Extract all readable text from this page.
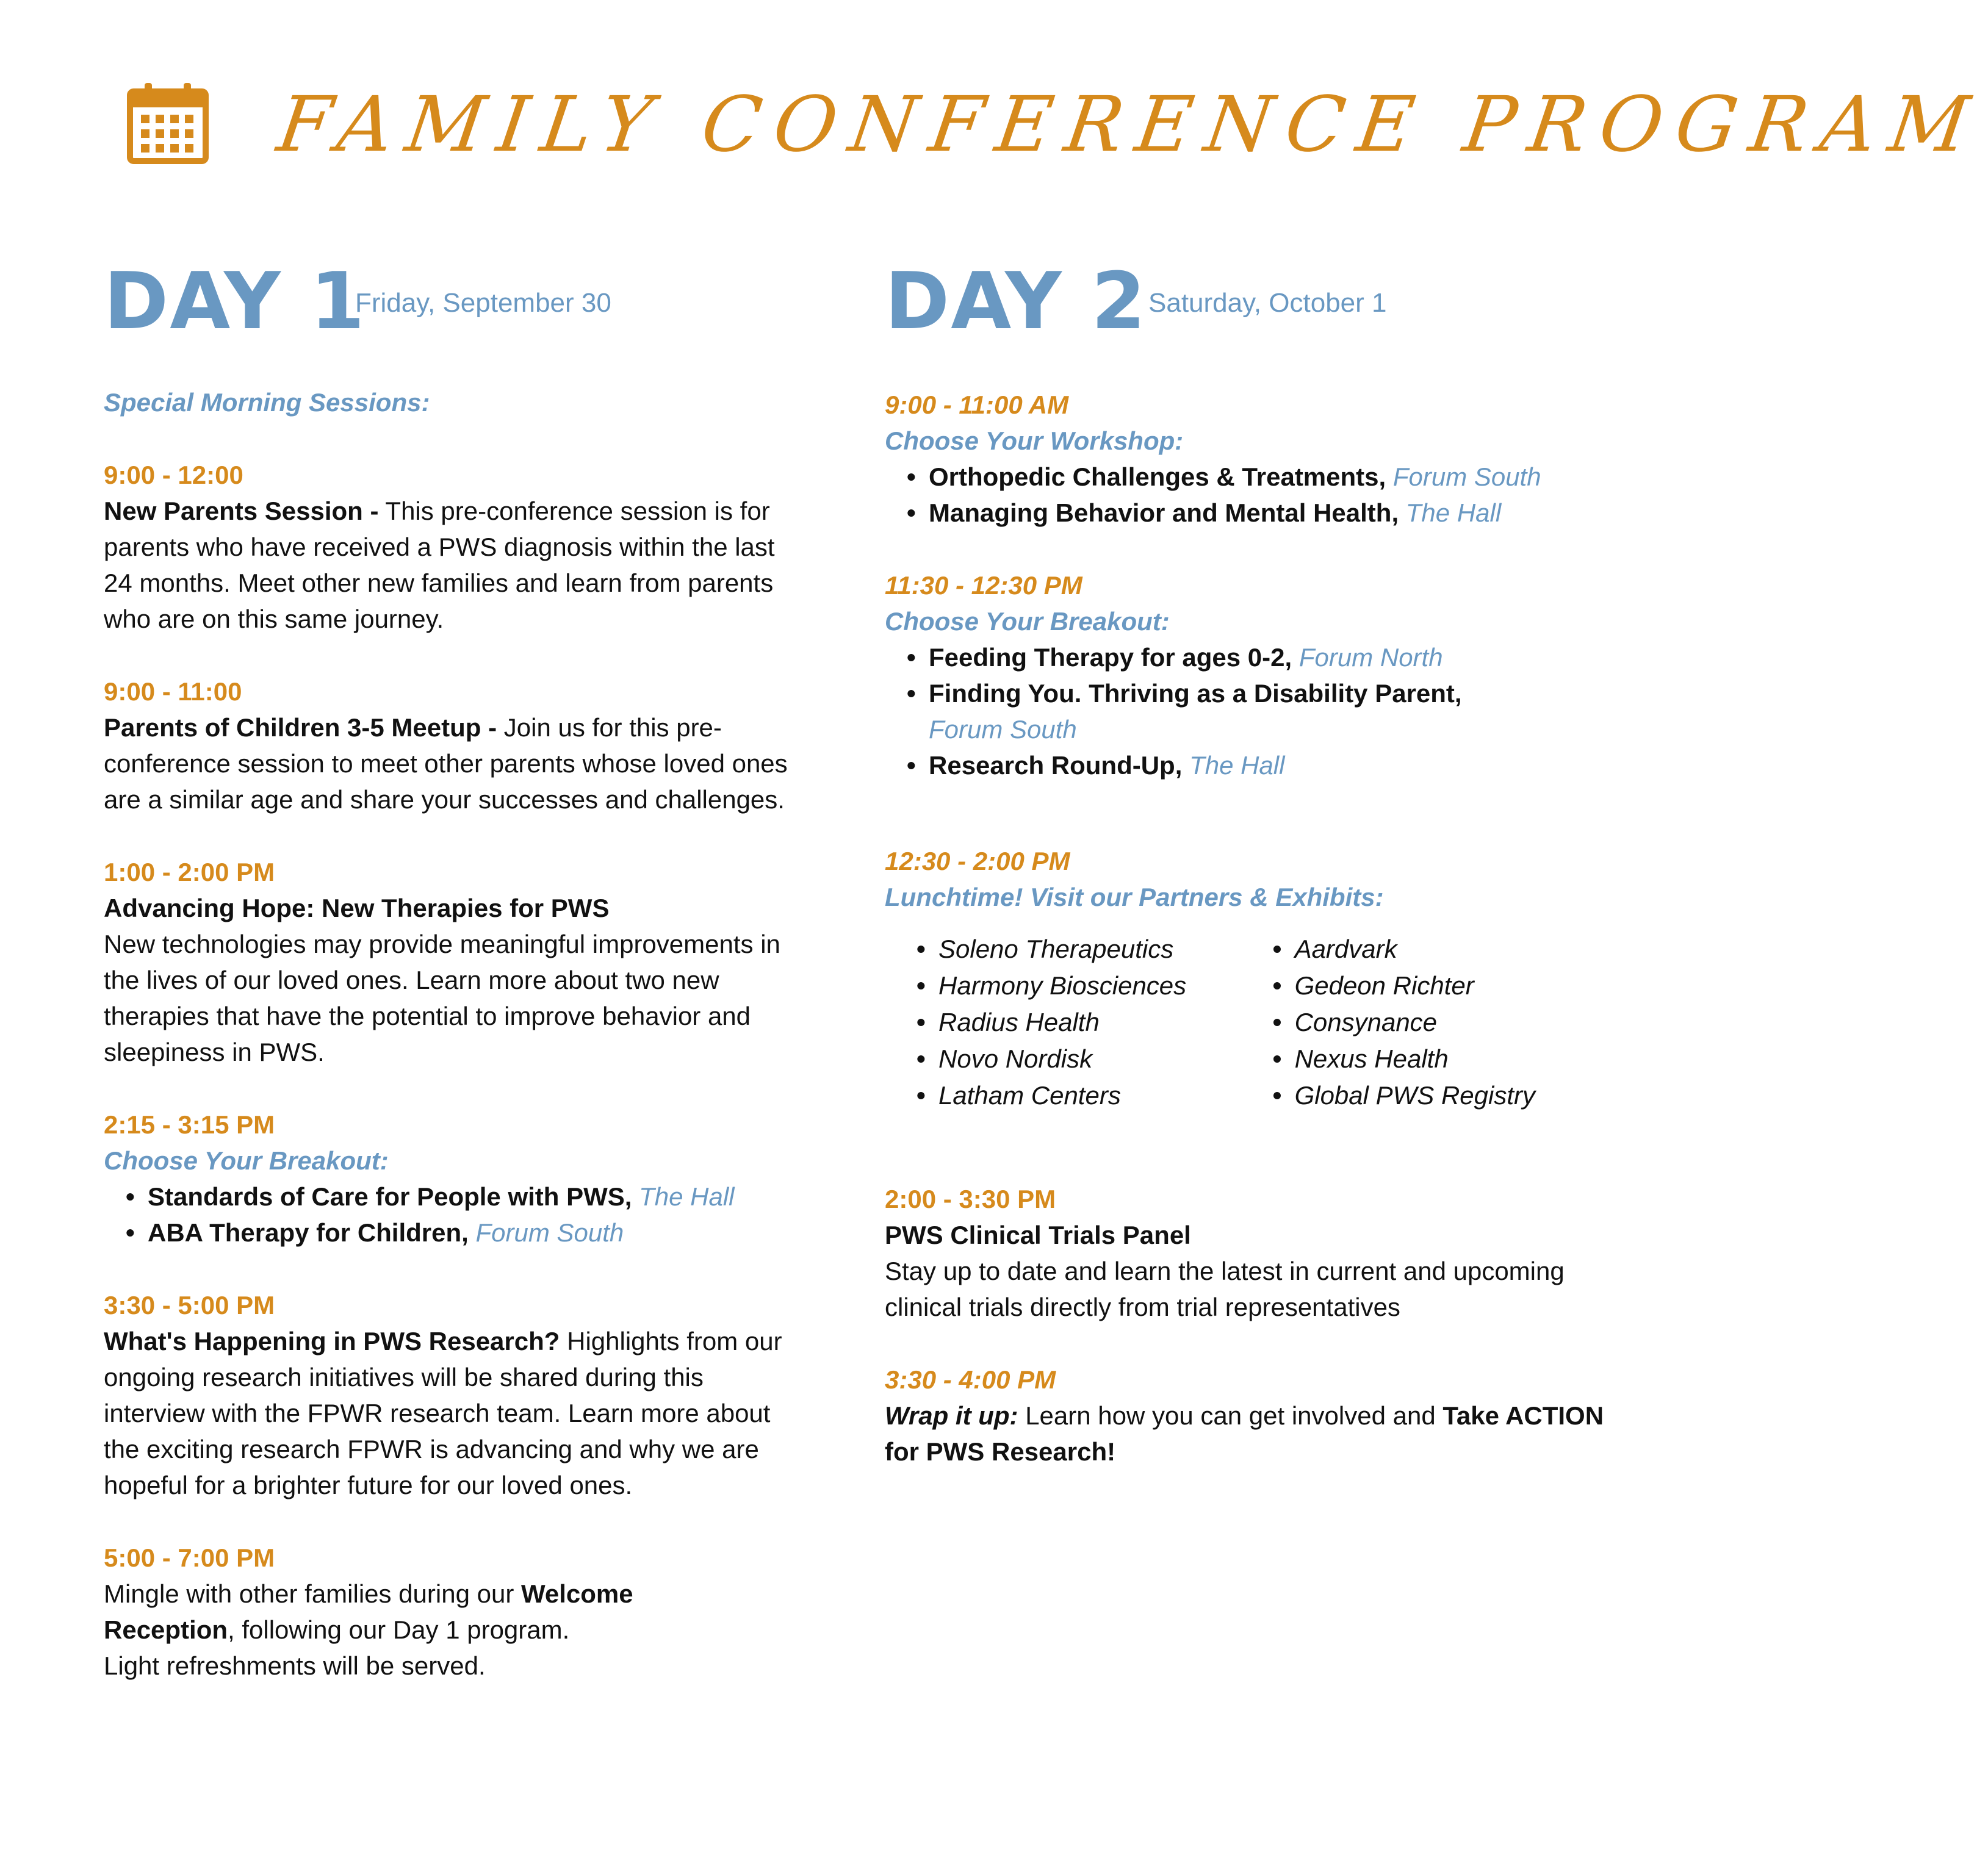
FAMILY CONFERENCE PROGRAM
DAY 1
Friday, September 30
Special Morning Sessions:
9:00 - 12:00
New Parents Session - This pre-conference session is for parents who have received a PWS diagnosis within the last 24 months. Meet other new families and learn from parents who are on this same journey.
9:00 - 11:00
Parents of Children 3-5 Meetup - Join us for this pre-conference session to meet other parents whose loved ones are a similar age and share your successes and challenges.
1:00 - 2:00 PM
Advancing Hope: New Therapies for PWS
New technologies may provide meaningful improvements in the lives of our loved ones. Learn more about two new therapies that have the potential to improve behavior and sleepiness in PWS.
2:15 - 3:15 PM
Choose Your Breakout:
• Standards of Care for People with PWS, The Hall
• ABA Therapy for Children, Forum South
3:30 - 5:00 PM
What's Happening in PWS Research? Highlights from our ongoing research initiatives will be shared during this interview with the FPWR research team. Learn more about the exciting research FPWR is advancing and why we are hopeful for a brighter future for our loved ones.
5:00 - 7:00 PM
Mingle with other families during our Welcome Reception, following our Day 1 program.
Light refreshments will be served.
DAY 2 Saturday, October 1
9:00 - 11:00 AM
Choose Your Workshop:
• Orthopedic Challenges & Treatments, Forum South
• Managing Behavior and Mental Health, The Hall
11:30 - 12:30 PM
Choose Your Breakout:
• Feeding Therapy for ages 0-2, Forum North
• Finding You. Thriving as a Disability Parent, Forum South
• Research Round-Up, The Hall
12:30 - 2:00 PM
Lunchtime! Visit our Partners & Exhibits:
• Soleno Therapeutics
• Harmony Biosciences
• Radius Health
• Novo Nordisk
• Latham Centers
• Aardvark
• Gedeon Richter
• Consynance
• Nexus Health
• Global PWS Registry
2:00 - 3:30 PM
PWS Clinical Trials Panel
Stay up to date and learn the latest in current and upcoming clinical trials directly from trial representatives
3:30 - 4:00 PM
Wrap it up: Learn how you can get involved and Take ACTION for PWS Research!
